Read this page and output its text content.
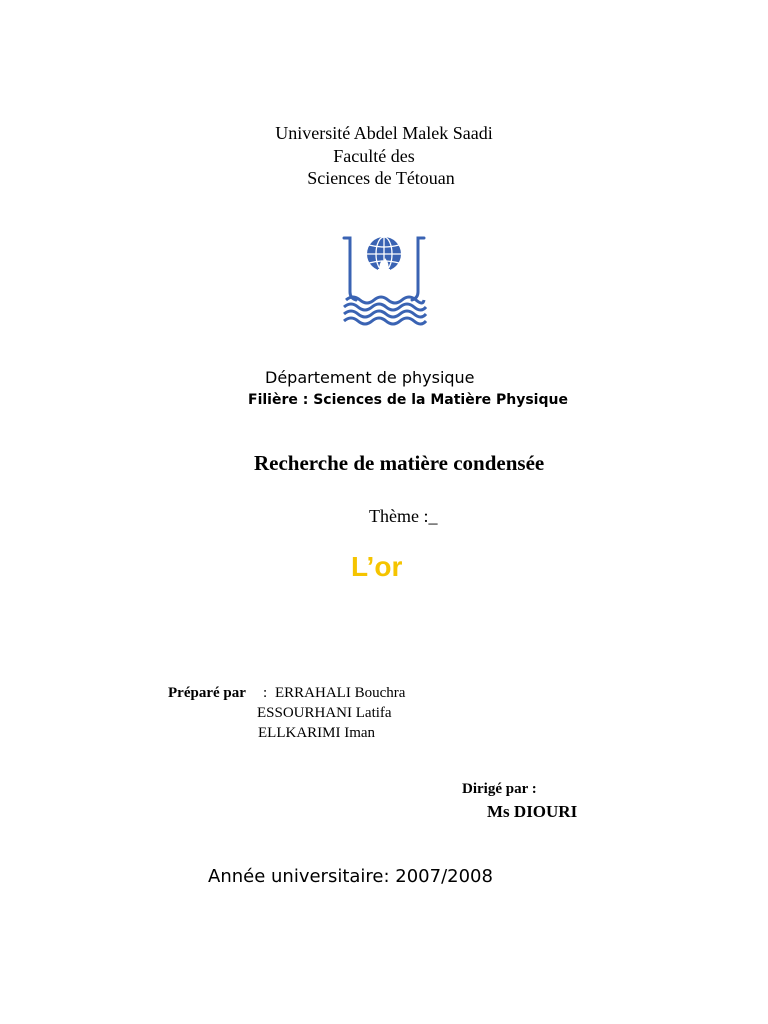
Université Abdel Malek Saadi
Faculté des
Sciences de Tétouan
Département de physique
Filière : Sciences de la Matière Physique
Recherche de matière condensée
Thème :_
L’or
Préparé par : ERRAHALI Bouchra
ESSOURHANI Latifa
ELLKARIMI Iman
Dirigé par :
Ms DIOURI
Année universitaire: 2007/2008
